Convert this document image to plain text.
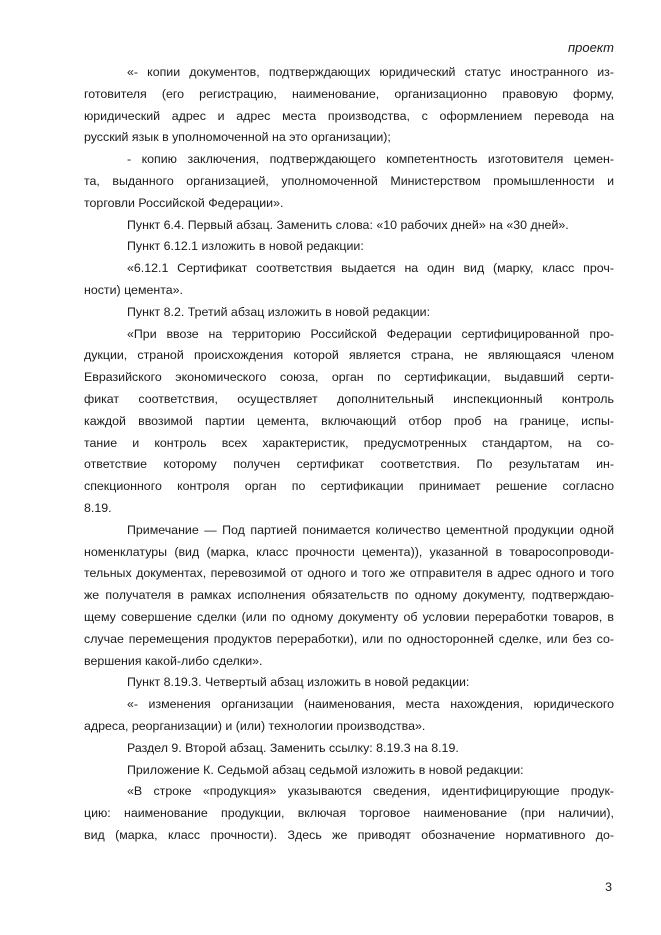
проект
«- копии документов, подтверждающих юридический статус иностранного из-
готовителя (его регистрацию, наименование, организационно правовую форму,
юридический адрес и адрес места производства, с оформлением перевода на
русский язык в уполномоченной на это организации);
- копию заключения, подтверждающего компетентность изготовителя цемен-
та, выданного организацией, уполномоченной Министерством промышленности и
торговли Российской Федерации».
Пункт 6.4. Первый абзац. Заменить слова: «10 рабочих дней» на «30 дней».
Пункт 6.12.1 изложить в новой редакции:
«6.12.1 Сертификат соответствия выдается на один вид (марку, класс проч-
ности) цемента».
Пункт 8.2. Третий абзац изложить в новой редакции:
«При ввозе на территорию Российской Федерации сертифицированной про-
дукции, страной происхождения которой является страна, не являющаяся членом
Евразийского экономического союза, орган по сертификации, выдавший серти-
фикат соответствия, осуществляет дополнительный инспекционный контроль
каждой ввозимой партии цемента, включающий отбор проб на границе, испы-
тание и контроль всех характеристик, предусмотренных стандартом, на со-
ответствие которому получен сертификат соответствия. По результатам ин-
спекционного контроля орган по сертификации принимает решение согласно
8.19.
Примечание — Под партией понимается количество цементной продукции одной
номенклатуры (вид (марка, класс прочности цемента)), указанной в товаросопроводи-
тельных документах, перевозимой от одного и того же отправителя в адрес одного и того
же получателя в рамках исполнения обязательств по одному документу, подтверждаю-
щему совершение сделки (или по одному документу об условии переработки товаров, в
случае перемещения продуктов переработки), или по односторонней сделке, или без со-
вершения какой-либо сделки».
Пункт 8.19.3. Четвертый абзац изложить в новой редакции:
«- изменения организации (наименования, места нахождения, юридического
адреса, реорганизации) и (или) технологии производства».
Раздел 9. Второй абзац. Заменить ссылку: 8.19.3 на 8.19.
Приложение К. Седьмой абзац седьмой изложить в новой редакции:
«В строке «продукция» указываются сведения, идентифицирующие продук-
цию: наименование продукции, включая торговое наименование (при наличии),
вид (марка, класс прочности). Здесь же приводят обозначение нормативного до-
3
